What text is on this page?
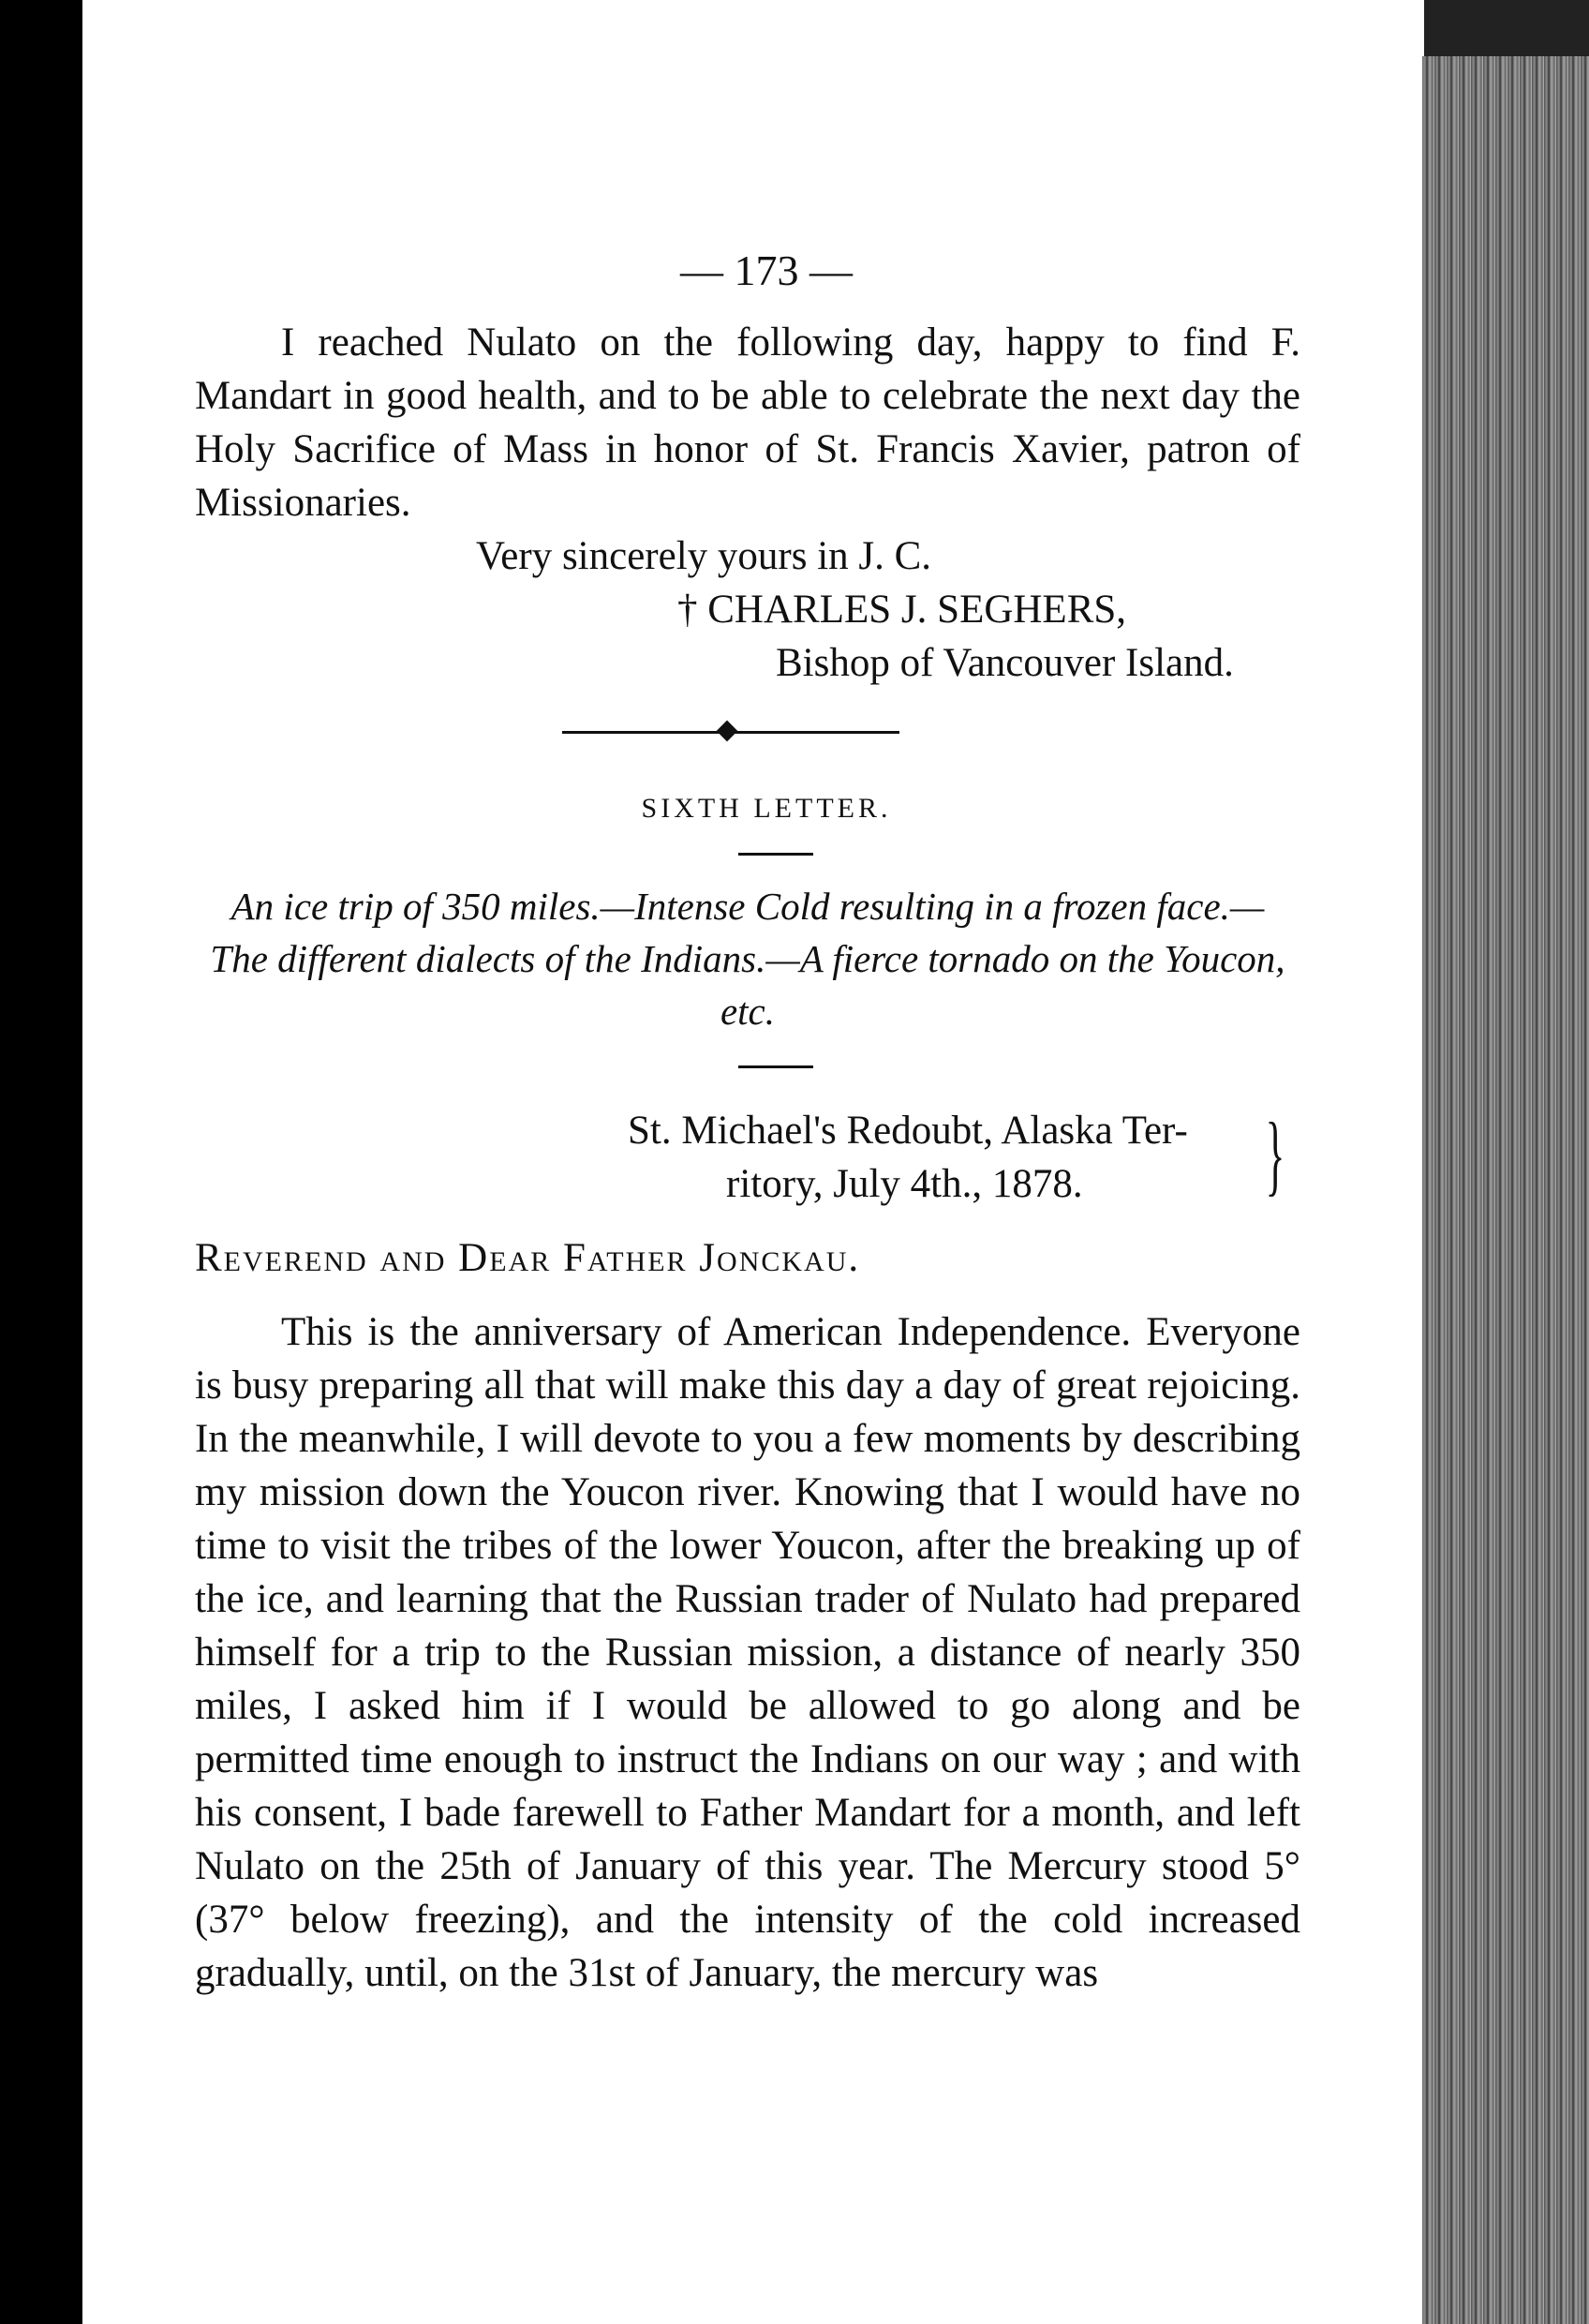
— 173 —

I reached Nulato on the following day, happy to find F. Mandart in good health, and to be able to celebrate the next day the Holy Sacrifice of Mass in honor of St. Francis Xavier, patron of Missionaries.

Very sincerely yours in J. C.
† CHARLES J. SEGHERS,
Bishop of Vancouver Island.
SIXTH LETTER.
An ice trip of 350 miles.—Intense Cold resulting in a frozen face.—The different dialects of the Indians.—A fierce tornado on the Youcon, etc.
St. Michael's Redoubt, Alaska Ter-
ritory, July 4th., 1878.	}
Reverend and Dear Father Jonckau.

This is the anniversary of American Independence. Everyone is busy preparing all that will make this day a day of great rejoicing. In the meanwhile, I will devote to you a few moments by describing my mission down the Youcon river. Knowing that I would have no time to visit the tribes of the lower Youcon, after the breaking up of the ice, and learning that the Russian trader of Nulato had prepared himself for a trip to the Russian mission, a distance of nearly 350 miles, I asked him if I would be allowed to go along and be permitted time enough to instruct the Indians on our way ; and with his consent, I bade farewell to Father Mandart for a month, and left Nulato on the 25th of January of this year. The Mercury stood 5° (37° below freezing), and the intensity of the cold increased gradually, until, on the 31st of January, the mercury was
